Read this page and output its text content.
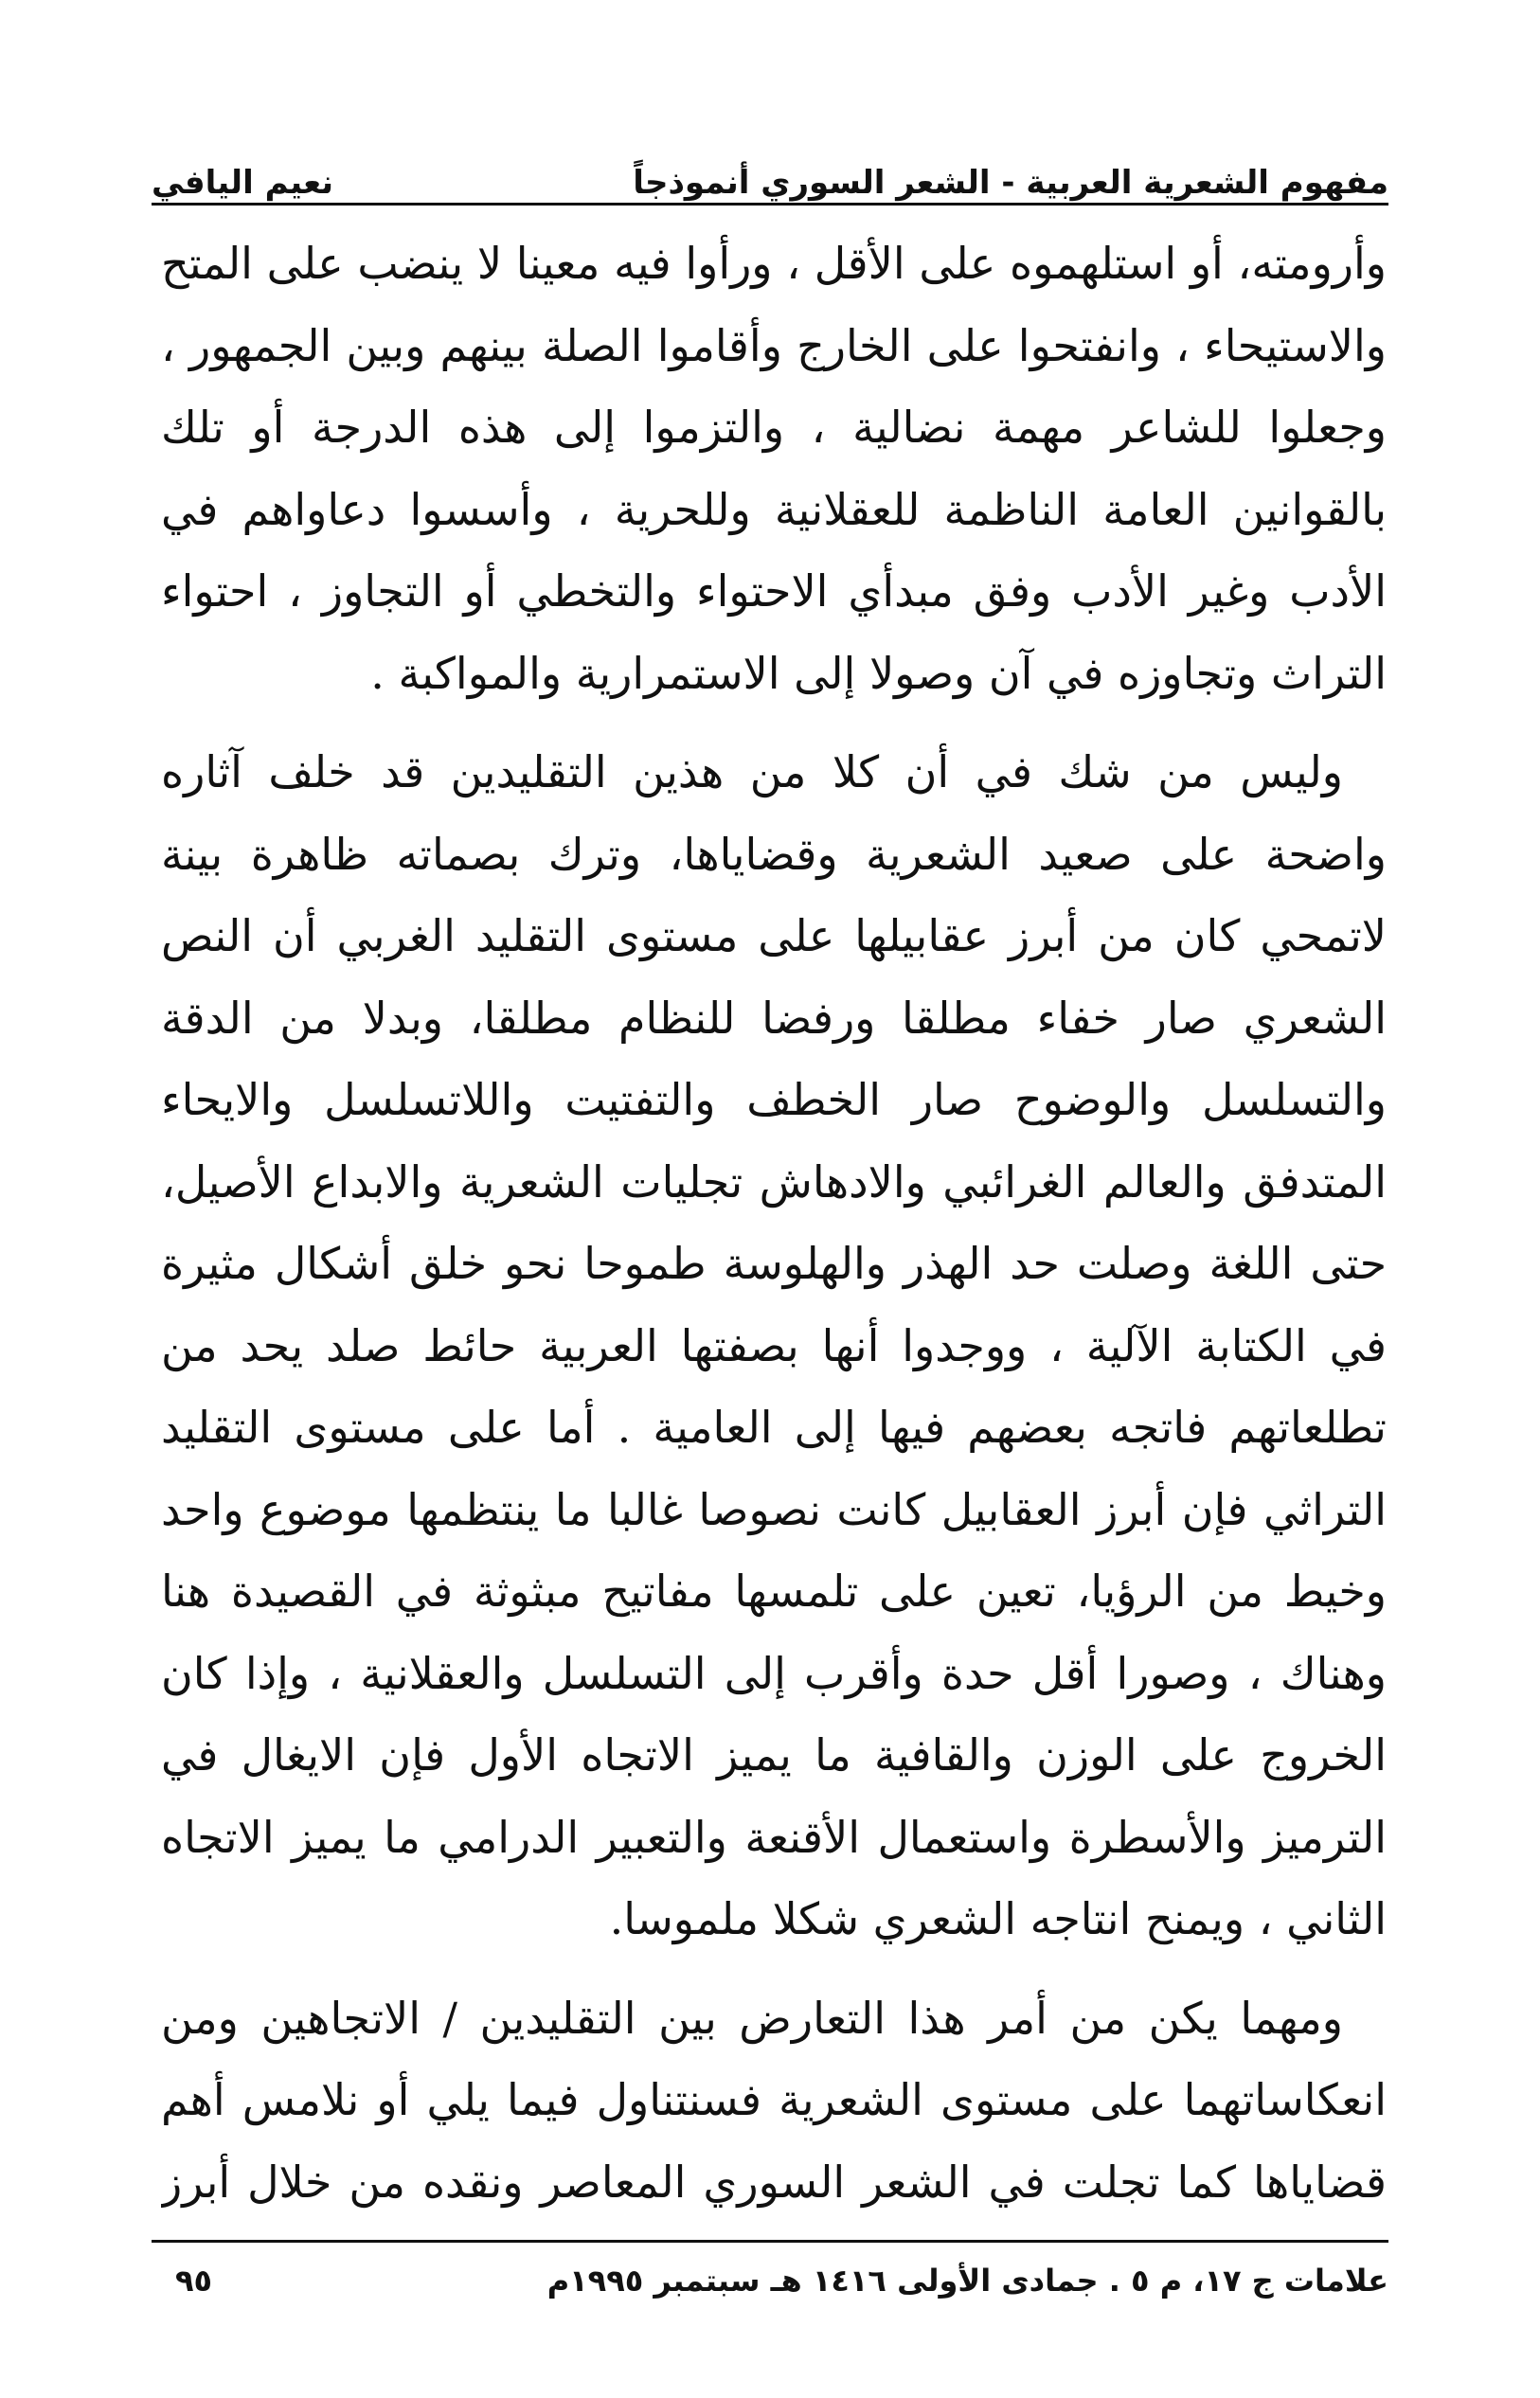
مفهوم الشعرية العربية - الشعر السوري أنموذجاً
نعيم اليافي

وأرومته، أو استلهموه على الأقل ، ورأوا فيه معينا لا ينضب على المتح والاستيحاء ، وانفتحوا على الخارج وأقاموا الصلة بينهم وبين الجمهور ، وجعلوا للشاعر مهمة نضالية ، والتزموا إلى هذه الدرجة أو تلك بالقوانين العامة الناظمة للعقلانية وللحرية ، وأسسوا دعاواهم في الأدب وغير الأدب وفق مبدأي الاحتواء والتخطي أو التجاوز ، احتواء التراث وتجاوزه في آن وصولا إلى الاستمرارية والمواكبة .

وليس من شك في أن كلا من هذين التقليدين قد خلف آثاره واضحة على صعيد الشعرية وقضاياها، وترك بصماته ظاهرة بينة لاتمحي كان من أبرز عقابيلها على مستوى التقليد الغربي أن النص الشعري صار خفاء مطلقا ورفضا للنظام مطلقا، وبدلا من الدقة والتسلسل والوضوح صار الخطف والتفتيت واللاتسلسل والايحاء المتدفق والعالم الغرائبي والادهاش تجليات الشعرية والابداع الأصيل، حتى اللغة وصلت حد الهذر والهلوسة طموحا نحو خلق أشكال مثيرة في الكتابة الآلية ، ووجدوا أنها بصفتها العربية حائط صلد يحد من تطلعاتهم فاتجه بعضهم فيها إلى العامية . أما على مستوى التقليد التراثي فإن أبرز العقابيل كانت نصوصا غالبا ما ينتظمها موضوع واحد وخيط من الرؤيا، تعين على تلمسها مفاتيح مبثوثة في القصيدة هنا وهناك ، وصورا أقل حدة وأقرب إلى التسلسل والعقلانية ، وإذا كان الخروج على الوزن والقافية ما يميز الاتجاه الأول فإن الايغال في الترميز والأسطرة واستعمال الأقنعة والتعبير الدرامي ما يميز الاتجاه الثاني ، ويمنح انتاجه الشعري شكلا ملموسا.

ومهما يكن من أمر هذا التعارض بين التقليدين / الاتجاهين ومن انعكاساتهما على مستوى الشعرية فسنتناول فيما يلي أو نلامس أهم قضاياها كما تجلت في الشعر السوري المعاصر ونقده من خلال أبرز

علامات ج ١٧، م ٥ . جمادى الأولى ١٤١٦ هـ سبتمبر ١٩٩٥م
٩٥
